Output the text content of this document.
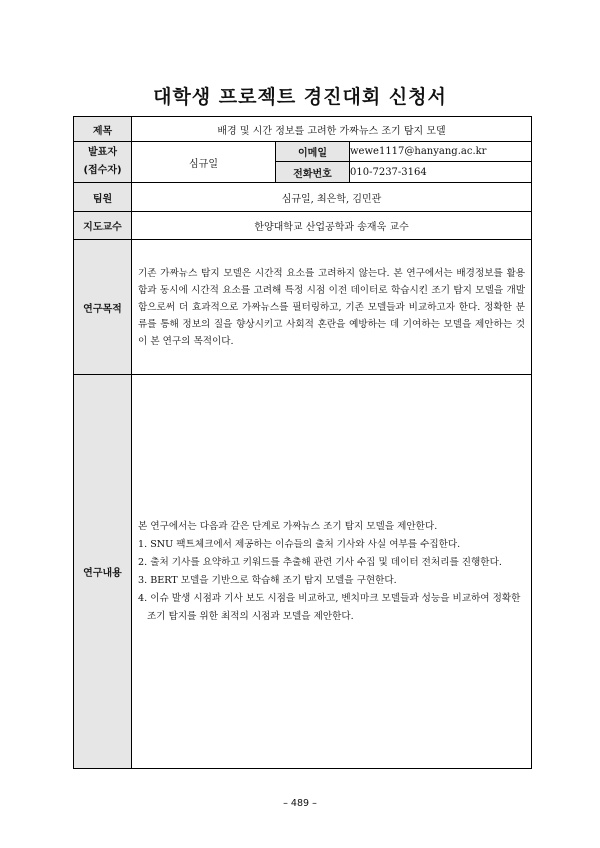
대학생 프로젝트 경진대회 신청서
제목	배경 및 시간 정보를 고려한 가짜뉴스 조기 탐지 모델		

발표자
(접수자)	심규일	이메일	wewe1117@hanyang.ac.kr
		전화번호	010-7237-3164
팀원	심규일, 최은학, 김민관		
지도교수	한양대학교 산업공학과 송재욱 교수		
연구목적	기존 가짜뉴스 탐지 모델은 시간적 요소를 고려하지 않는다. 본 연구에서는 배경정보를 활용함과 동시에 시간적 요소를 고려해 특정 시점 이전 데이터로 학습시킨 조기 탐지 모델을 개발함으로써 더 효과적으로 가짜뉴스를 필터링하고, 기존 모델들과 비교하고자 한다. 정확한 분류를 통해 정보의 질을 향상시키고 사회적 혼란을 예방하는 데 기여하는 모델을 제안하는 것이 본 연구의 목적이다.		

연구내용	본 연구에서는 다음과 같은 단계로 가짜뉴스 조기 탐지 모델을 제안한다.
1. SNU 팩트체크에서 제공하는 이슈들의 출처 기사와 사실 여부를 수집한다.
2. 출처 기사를 요약하고 키워드를 추출해 관련 기사 수집 및 데이터 전처리를 진행한다.
3. BERT 모델을 기반으로 학습해 조기 탐지 모델을 구현한다.
4. 이슈 발생 시점과 기사 보도 시점을 비교하고, 벤치마크 모델들과 성능을 비교하여 정확한 조기 탐지를 위한 최적의 시점과 모델을 제안한다.		
– 489 –
